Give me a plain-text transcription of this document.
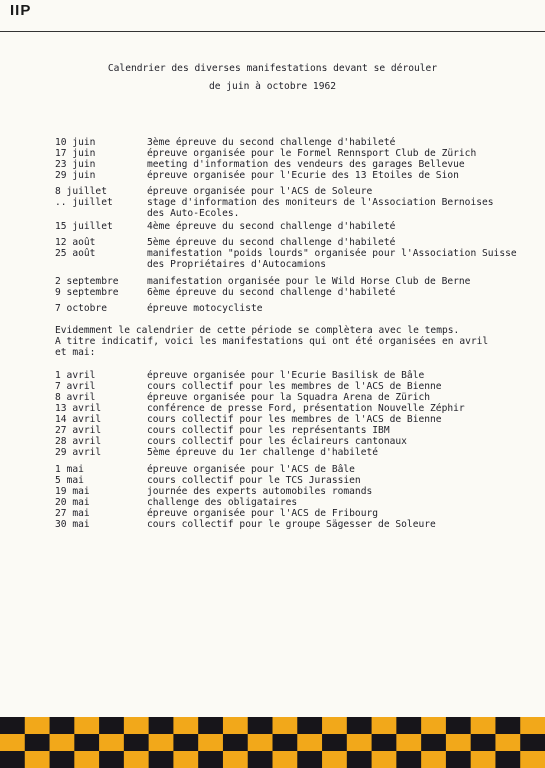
IIP
Calendrier des diverses manifestations devant se dérouler
de juin à octobre 1962
10 juin	3ème épreuve du second challenge d'habileté
17 juin	épreuve organisée pour le Formel Rennsport Club de Zürich
23 juin	meeting d'information des vendeurs des garages Bellevue
29 juin	épreuve organisée pour l'Ecurie des 13 Etoiles de Sion
8 juillet	épreuve organisée pour l'ACS de Soleure
.. juillet	stage d'information des moniteurs de l'Association Bernoises
des Auto-Ecoles.
15 juillet	4ème épreuve du second challenge d'habileté
12 août	5ème épreuve du second challenge d'habileté
25 août	manifestation "poids lourds" organisée pour l'Association Suisse
des Propriétaires d'Autocamions
2 septembre	manifestation organisée pour le Wild Horse Club de Berne
9 septembre	6ème épreuve du second challenge d'habileté
7 octobre	épreuve motocycliste
Evidemment le calendrier de cette période se complètera avec le temps.
A titre indicatif, voici les manifestations qui ont été organisées en avril
et mai:
1 avril	épreuve organisée pour l'Ecurie Basilisk de Bâle
7 avril	cours collectif pour les membres de l'ACS de Bienne
8 avril	épreuve organisée pour la Squadra Arena de Zürich
13 avril	conférence de presse Ford, présentation Nouvelle Zéphir
14 avril	cours collectif pour les membres de l'ACS de Bienne
27 avril	cours collectif pour les représentants IBM
28 avril	cours collectif pour les éclaireurs cantonaux
29 avril	5ème épreuve du 1er challenge d'habileté
1 mai	épreuve organisée pour l'ACS de Bâle
5 mai	cours collectif pour le TCS Jurassien
19 mai	journée des experts automobiles romands
20 mai	challenge des obligataires
27 mai	épreuve organisée pour l'ACS de Fribourg
30 mai	cours collectif pour le groupe Sägesser de Soleure
